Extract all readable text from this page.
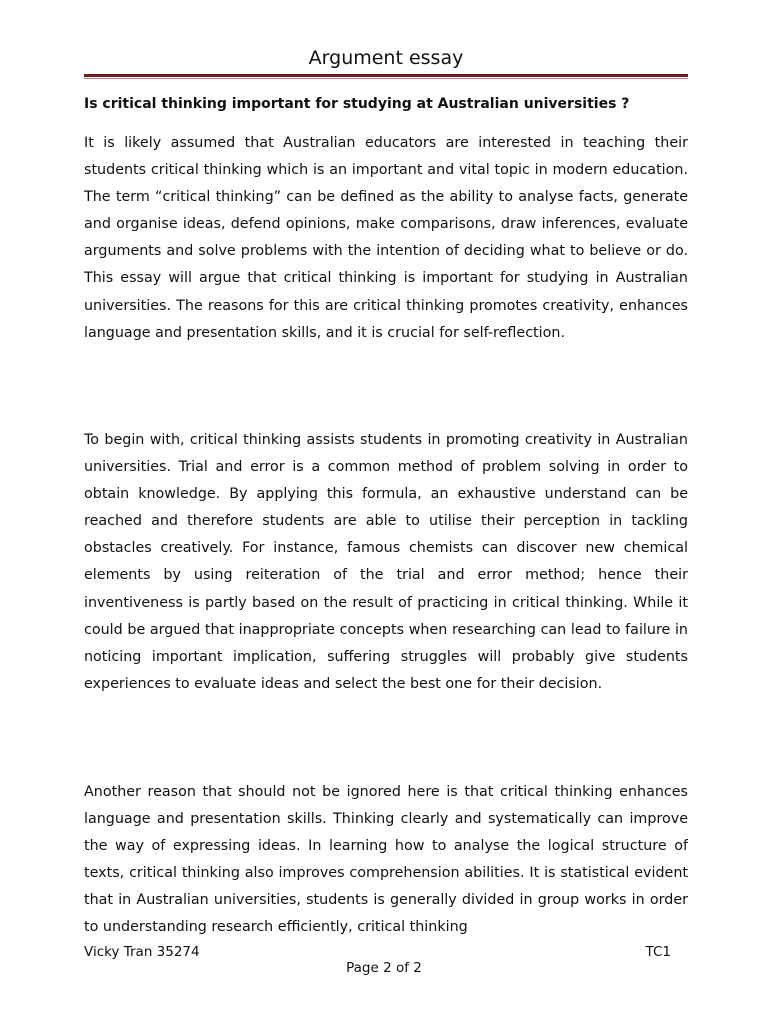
Argument essay
Is critical thinking important for studying at Australian universities ?

It is likely assumed that Australian educators are interested in teaching their students critical thinking which is an important and vital topic in modern education. The term “critical thinking” can be defined as the ability to analyse facts, generate and organise ideas, defend opinions, make comparisons, draw inferences, evaluate arguments and solve problems with the intention of deciding what to believe or do. This essay will argue that critical thinking is important for studying in Australian universities. The reasons for this are critical thinking promotes creativity, enhances language and presentation skills, and it is crucial for self-reflection.

To begin with, critical thinking assists students in promoting creativity in Australian universities. Trial and error is a common method of problem solving in order to obtain knowledge. By applying this formula, an exhaustive understand can be reached and therefore students are able to utilise their perception in tackling obstacles creatively. For instance, famous chemists can discover new chemical elements by using reiteration of the trial and error method; hence their inventiveness is partly based on the result of practicing in critical thinking. While it could be argued that inappropriate concepts when researching can lead to failure in noticing important implication, suffering struggles will probably give students experiences to evaluate ideas and select the best one for their decision.

Another reason that should not be ignored here is that critical thinking enhances language and presentation skills. Thinking clearly and systematically can improve the way of expressing ideas. In learning how to analyse the logical structure of texts, critical thinking also improves comprehension abilities. It is statistical evident that in Australian universities, students is generally divided in group works in order to understanding research efficiently, critical thinking

Vicky Tran 35274	TC1
Page 2 of 2
